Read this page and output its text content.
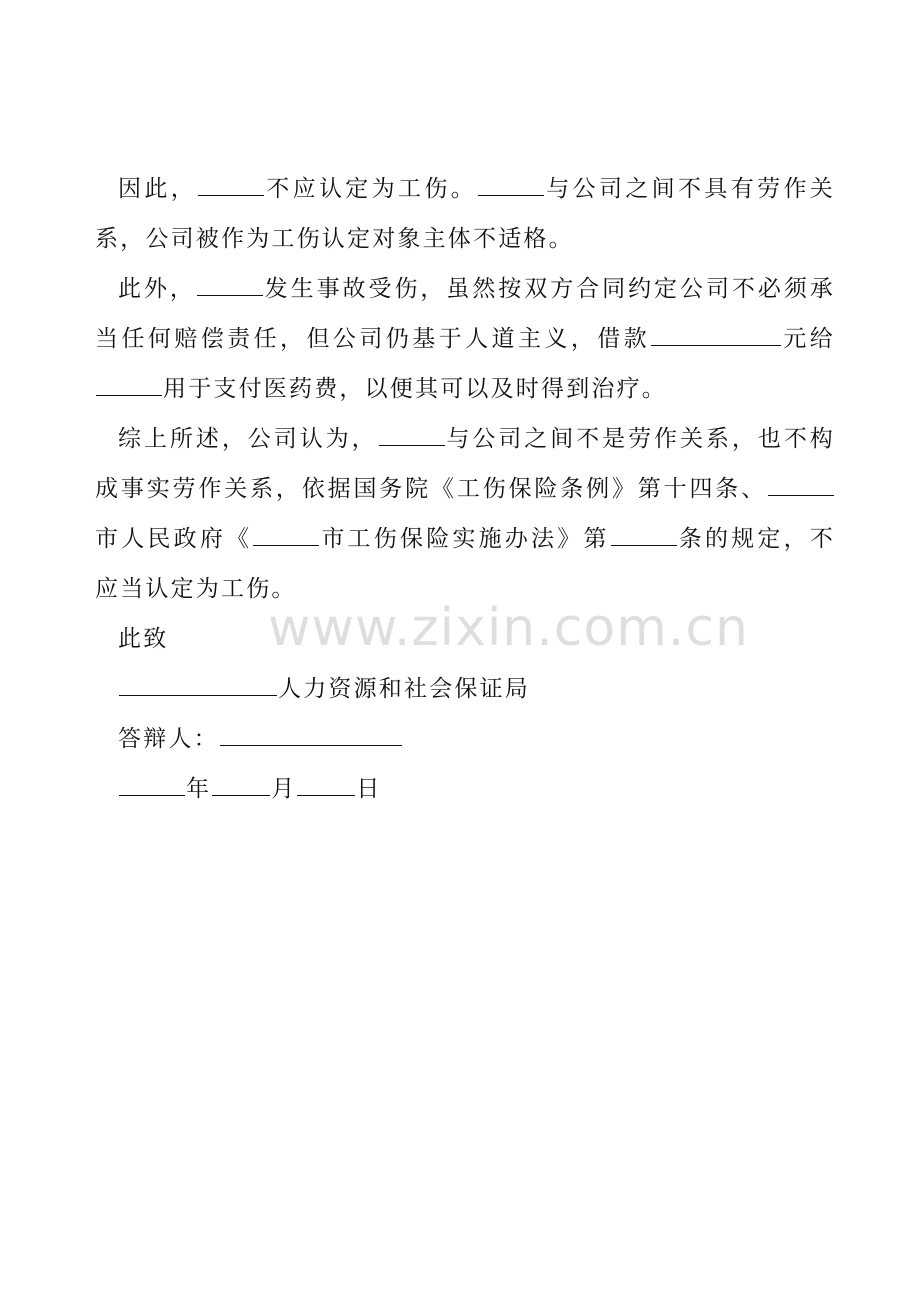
因此，	不应认定为工伤。	与公司之间不具有劳作关系，公司被作为工伤认定对象主体不适格。

此外，	发生事故受伤，虽然按双方合同约定公司不必须承当任何赔偿责任，但公司仍基于人道主义，借款	元给用于支付医药费，以便其可以及时得到治疗。

综上所述，公司认为，	与公司之间不是劳作关系，也不构成事实劳作关系，依据国务院《工伤保险条例》第十四条、市人民政府《	市工伤保险实施办法》第	条的规定，不应当认定为工伤。

此致

人力资源和社会保证局

答辩人：

年	月	日

www.zixin.com.cn
